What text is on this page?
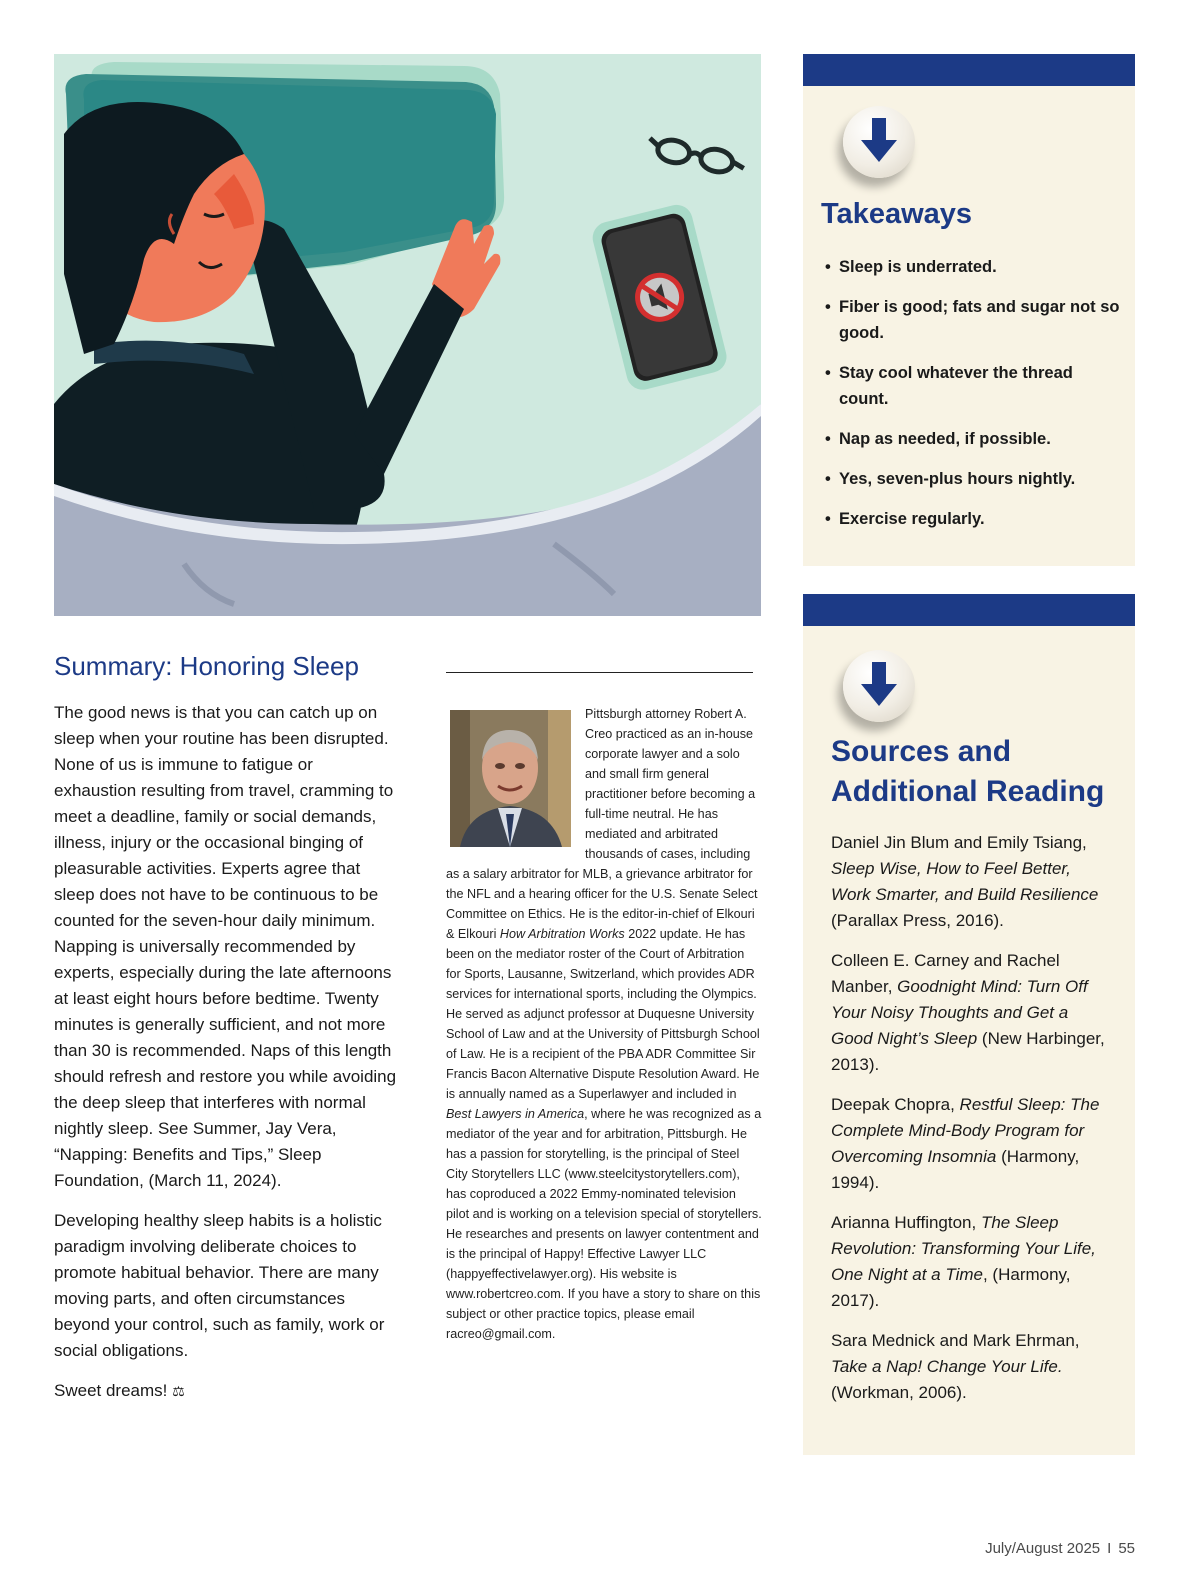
Takeaways
• Sleep is underrated.
• Fiber is good; fats and sugar not so good.
• Stay cool whatever the thread count.
• Nap as needed, if possible.
• Yes, seven-plus hours nightly.
• Exercise regularly.
Sources and Additional Reading
Daniel Jin Blum and Emily Tsiang, Sleep Wise, How to Feel Better, Work Smarter, and Build Resilience (Parallax Press, 2016).
Colleen E. Carney and Rachel Manber, Goodnight Mind: Turn Off Your Noisy Thoughts and Get a Good Night’s Sleep (New Harbinger, 2013).
Deepak Chopra, Restful Sleep: The Complete Mind-Body Program for Overcoming Insomnia (Harmony, 1994).
Arianna Huffington, The Sleep Revolution: Transforming Your Life, One Night at a Time, (Harmony, 2017).
Sara Mednick and Mark Ehrman, Take a Nap! Change Your Life. (Workman, 2006).
Summary: Honoring Sleep

The good news is that you can catch up on sleep when your routine has been disrupted. None of us is immune to fatigue or exhaustion resulting from travel, cramming to meet a deadline, family or social demands, illness, injury or the occasional binging of pleasurable activities. Experts agree that sleep does not have to be continuous to be counted for the seven-hour daily minimum. Napping is universally recommended by experts, especially during the late afternoons at least eight hours before bedtime. Twenty minutes is generally sufficient, and not more than 30 is recommended. Naps of this length should refresh and restore you while avoiding the deep sleep that interferes with normal nightly sleep. See Summer, Jay Vera, “Napping: Benefits and Tips,” Sleep Foundation, (March 11, 2024).

Developing healthy sleep habits is a holistic paradigm involving deliberate choices to promote habitual behavior. There are many moving parts, and often circumstances beyond your control, such as family, work or social obligations.

Sweet dreams! ⚖

Pittsburgh attorney Robert A. Creo practiced as an in-house corporate lawyer and a solo and small firm general practitioner before becoming a full-time neutral. He has mediated and arbitrated thousands of cases, including as a salary arbitrator for MLB, a grievance arbitrator for the NFL and a hearing officer for the U.S. Senate Select Committee on Ethics. He is the editor-in-chief of Elkouri & Elkouri How Arbitration Works 2022 update. He has been on the mediator roster of the Court of Arbitration for Sports, Lausanne, Switzerland, which provides ADR services for international sports, including the Olympics. He served as adjunct professor at Duquesne University School of Law and at the University of Pittsburgh School of Law. He is a recipient of the PBA ADR Committee Sir Francis Bacon Alternative Dispute Resolution Award. He is annually named as a Superlawyer and included in Best Lawyers in America, where he was recognized as a mediator of the year and for arbitration, Pittsburgh. He has a passion for storytelling, is the principal of Steel City Storytellers LLC (www.steelcitystorytellers.com), has coproduced a 2022 Emmy-nominated television pilot and is working on a television special of storytellers. He researches and presents on lawyer contentment and is the principal of Happy! Effective Lawyer LLC (happyeffectivelawyer.org). His website is www.robertcreo.com. If you have a story to share on this subject or other practice topics, please email racreo@gmail.com.

July/August 2025 I 55
